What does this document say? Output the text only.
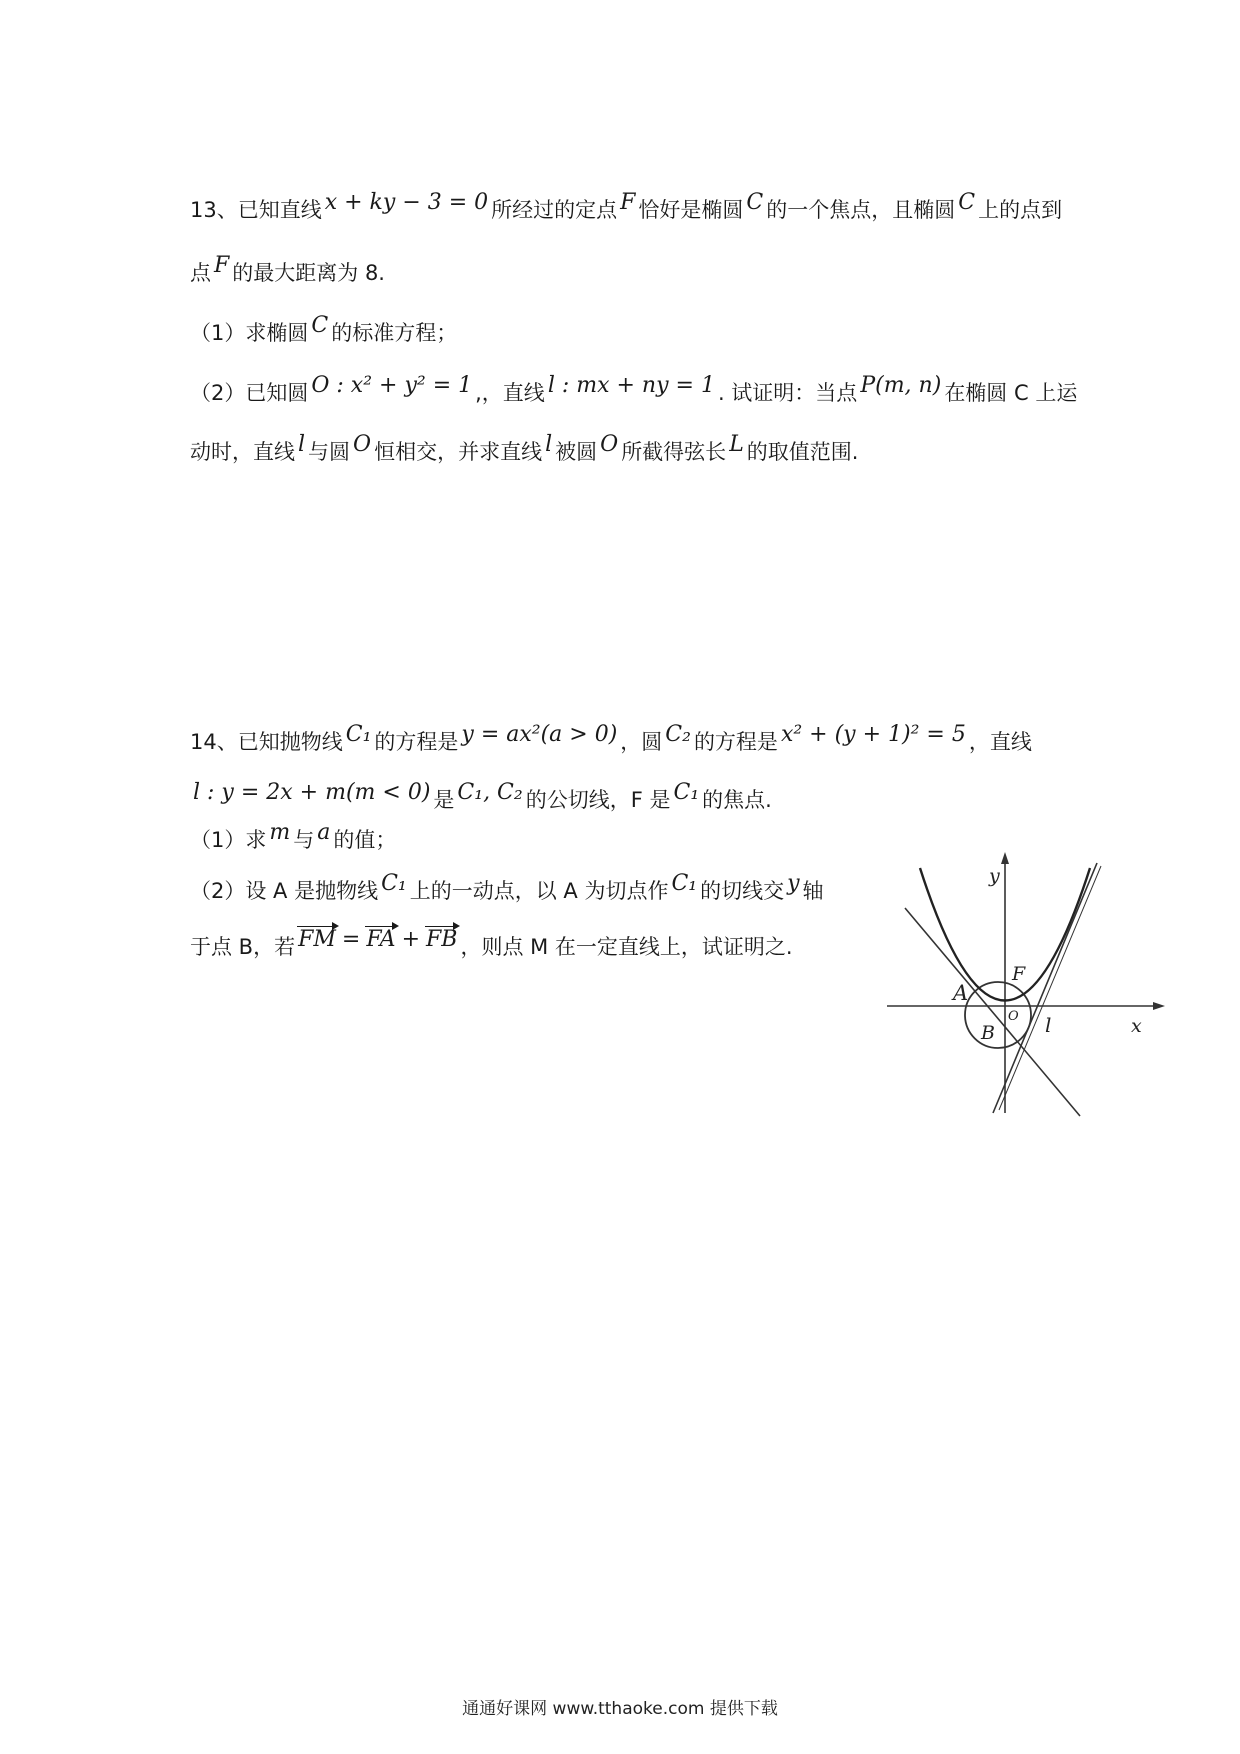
13、已知直线 x + ky − 3 = 0 所经过的定点 F 恰好是椭圆 C 的一个焦点，且椭圆 C 上的点到
点 F 的最大距离为 8.
（1）求椭圆 C 的标准方程；
（2）已知圆 O : x² + y² = 1 ,，直线 l : mx + ny = 1 . 试证明：当点 P(m, n) 在椭圆 C 上运
动时，直线 l 与圆 O 恒相交，并求直线 l 被圆 O 所截得弦长 L 的取值范围.
14、已知抛物线 C₁ 的方程是 y = ax²(a > 0) ，圆 C₂ 的方程是 x² + (y + 1)² = 5 ，直线
l : y = 2x + m(m < 0) 是 C₁, C₂ 的公切线，F 是 C₁ 的焦点.
（1）求 m 与 a 的值；
（2）设 A 是抛物线 C₁ 上的一动点，以 A 为切点作 C₁ 的切线交 y 轴
于点 B，若 FM = FA + FB ，则点 M 在一定直线上，试证明之.
y
x
F
A
B
O l
通通好课网 www.tthaoke.com 提供下载
